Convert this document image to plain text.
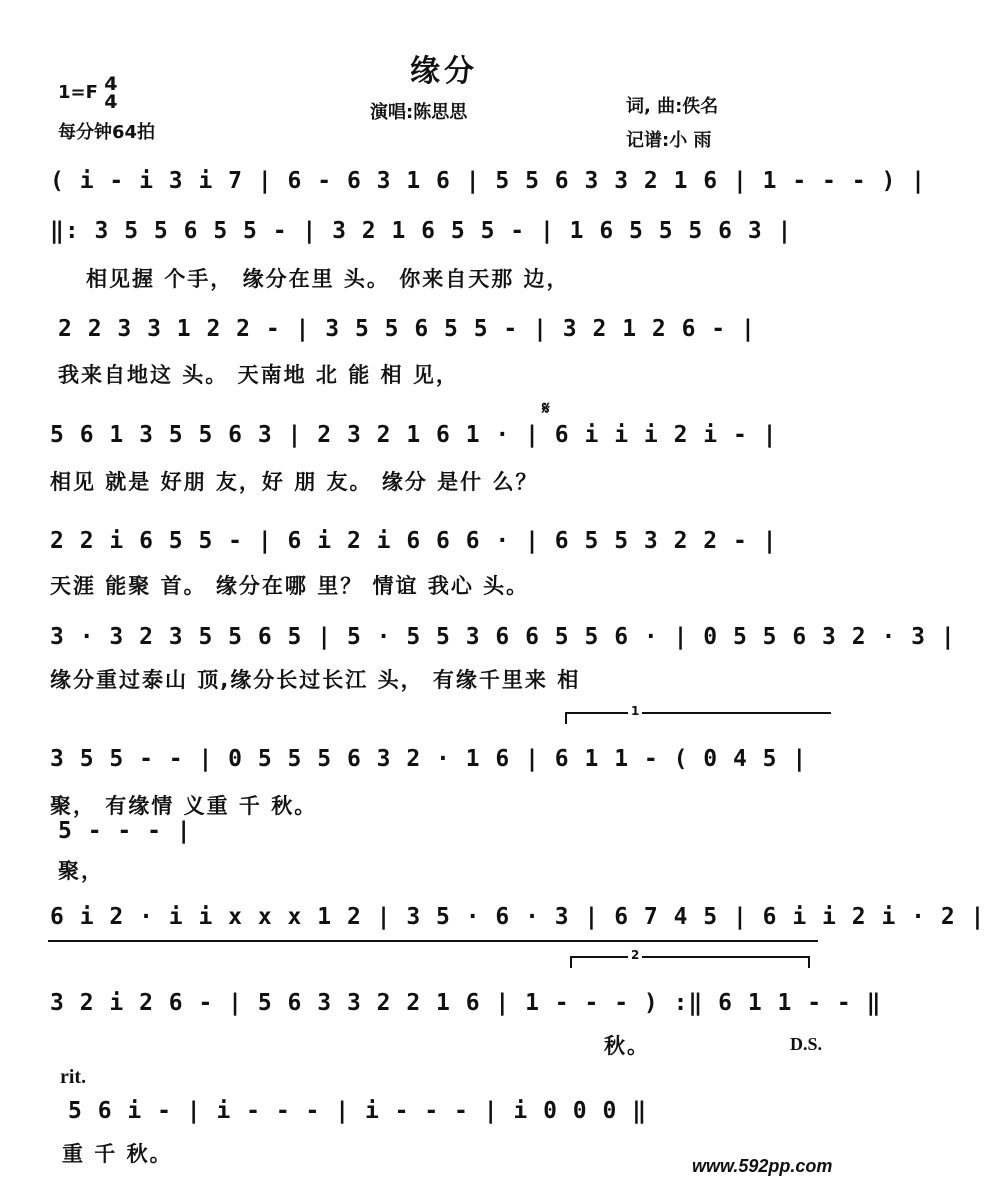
缘分
1=F 4
4
每分钟64拍
演唱:陈思思	词, 曲:佚名
记谱:小 雨
( i - i 3 i 7 | 6 - 6 3 1 6 | 5 5 6 3 3 2 1 6 | 1 - - - ) |
‖: 3 5 5 6 5 5 - | 3 2 1 6 5 5 - | 1 6 5 5 5 6 3 |
相见握 个手， 缘分在里 头。 你来自天那 边，
2 2 3 3 1 2 2 - | 3 5 5 6 5 5 - | 3 2 1 2 6 - |
我来自地这 头。 天南地 北 能 相 见，
𝄋
5 6 1 3 5 5 6 3 | 2 3 2 1 6 1 · | 6 i i i 2 i - |
相见 就是 好朋 友，好 朋 友。 缘分 是什 么？
2 2 i 6 5 5 - | 6 i 2 i 6 6 6 · | 6 5 5 3 2 2 - |
天涯 能聚 首。 缘分在哪 里？ 情谊 我心 头。
3 · 3 2 3 5 5 6 5 | 5 · 5 5 3 6 6 5 5 6 · | 0 5 5 6 3 2 · 3 |
缘分重过泰山 顶,缘分长过长江 头， 有缘千里来 相
1
3 5 5 - - | 0 5 5 5 6 3 2 · 1 6 | 6 1 1 - ( 0 4 5 |
聚， 有缘情 义重 千 秋。
5 - - - |
聚，
6 i 2 · i i x x x 1 2 | 3 5 · 6 · 3 | 6 7 4 5 | 6 i i 2 i · 2 |
2
3 2 i 2 6 - | 5 6 3 3 2 2 1 6 | 1 - - - ) :‖ 6 1 1 - - ‖
秋。	D.S.
rit.
5 6 i - | i - - - | i - - - | i 0 0 0 ‖
重 千 秋。	www.592pp.com
